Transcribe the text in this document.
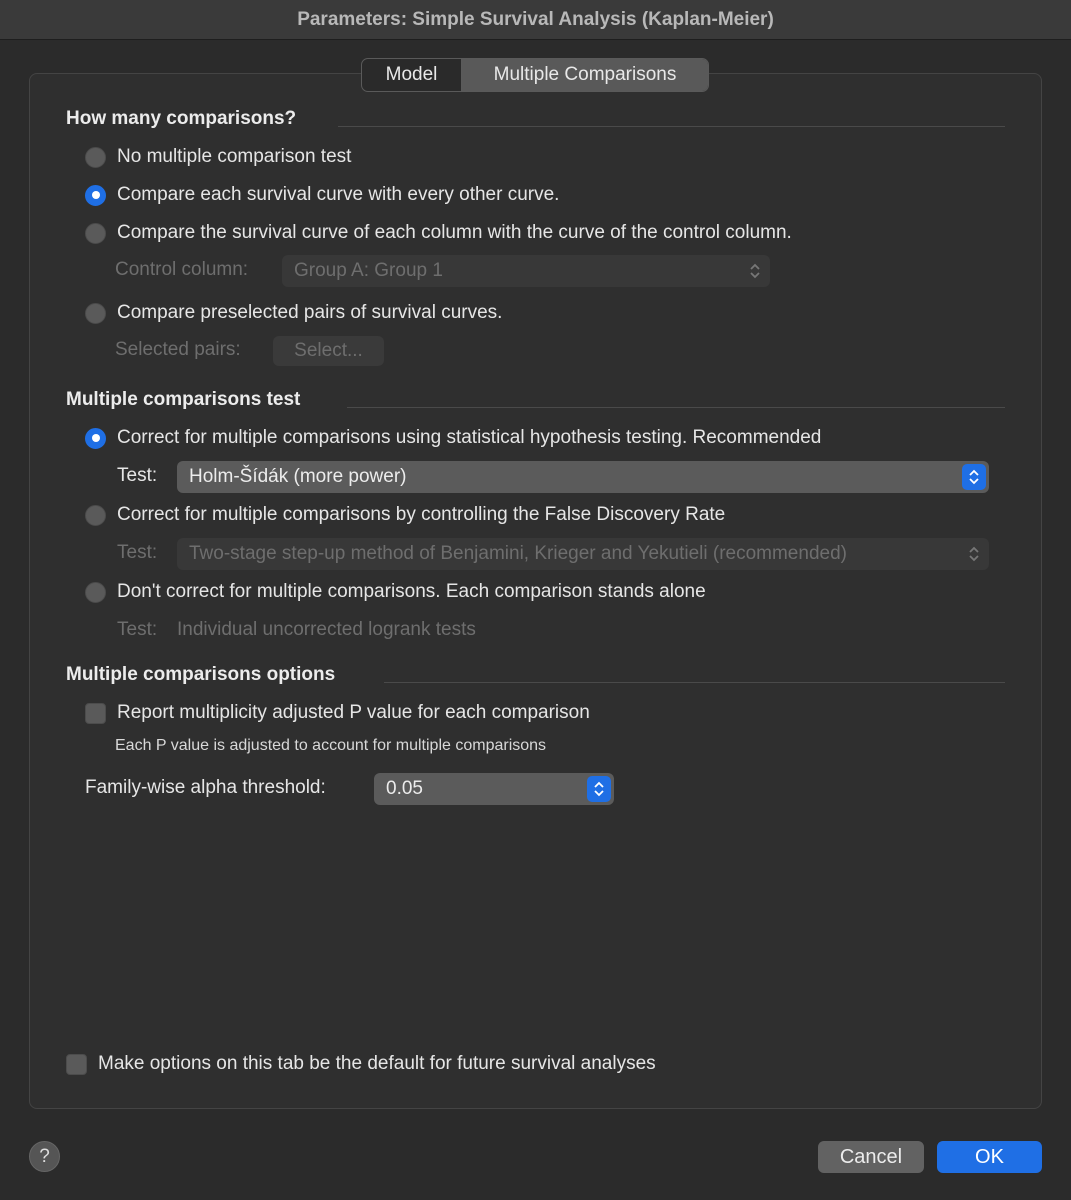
Parameters: Simple Survival Analysis (Kaplan-Meier)
Model	Multiple Comparisons
How many comparisons?
No multiple comparison test
Compare each survival curve with every other curve.
Compare the survival curve of each column with the curve of the control column.
Control column: Group A: Group 1
Compare preselected pairs of survival curves.
Selected pairs:	Select...
Multiple comparisons test
Correct for multiple comparisons using statistical hypothesis testing. Recommended
Test: Holm-Šídák (more power)
Correct for multiple comparisons by controlling the False Discovery Rate
Test: Two-stage step-up method of Benjamini, Krieger and Yekutieli (recommended)
Don't correct for multiple comparisons. Each comparison stands alone
Test: Individual uncorrected logrank tests
Multiple comparisons options
Report multiplicity adjusted P value for each comparison
Each P value is adjusted to account for multiple comparisons
Family-wise alpha threshold:	0.05
Make options on this tab be the default for future survival analyses
?	Cancel	OK
